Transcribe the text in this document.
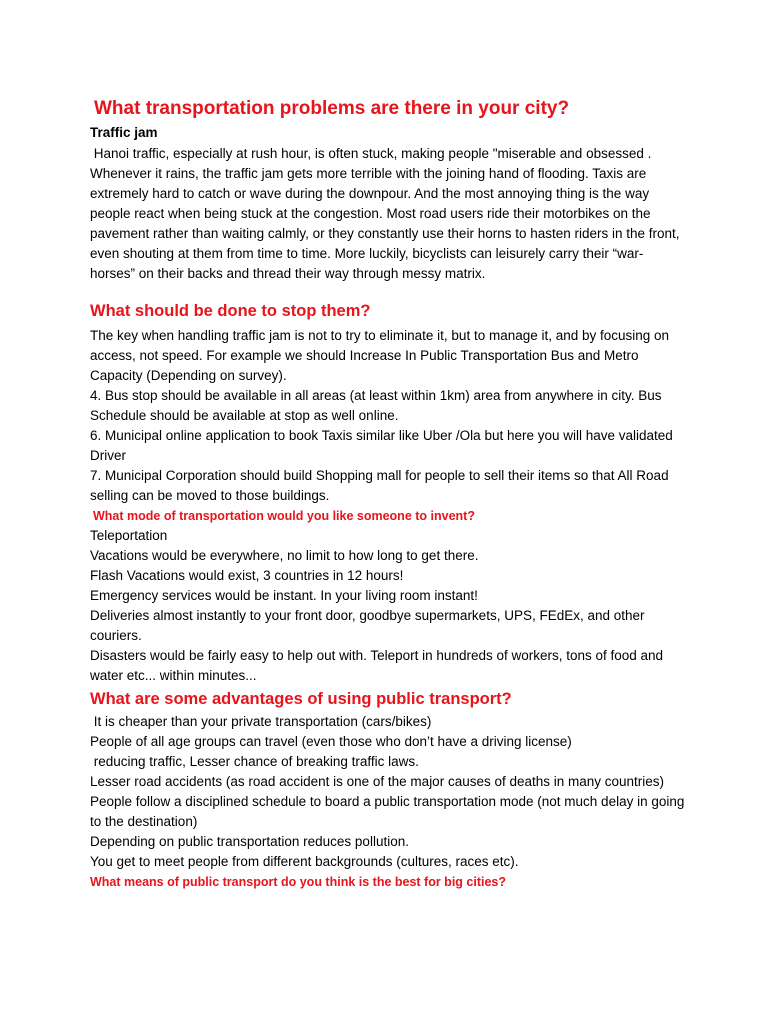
What transportation problems are there in your city?
Traffic jam

Hanoi traffic, especially at rush hour, is often stuck, making people "miserable and obsessed . Whenever it rains, the traffic jam gets more terrible with the joining hand of flooding. Taxis are extremely hard to catch or wave during the downpour. And the most annoying thing is the way people react when being stuck at the congestion. Most road users ride their motorbikes on the pavement rather than waiting calmly, or they constantly use their horns to hasten riders in the front, even shouting at them from time to time. More luckily, bicyclists can leisurely carry their “war- horses” on their backs and thread their way through messy matrix.

What should be done to stop them?

The key when handling traffic jam is not to try to eliminate it, but to manage it, and by focusing on access, not speed. For example we should Increase In Public Transportation Bus and Metro Capacity (Depending on survey).

4. Bus stop should be available in all areas (at least within 1km) area from anywhere in city. Bus Schedule should be available at stop as well online.

6. Municipal online application to book Taxis similar like Uber /Ola but here you will have validated Driver

7. Municipal Corporation should build Shopping mall for people to sell their items so that All Road selling can be moved to those buildings.

What mode of transportation would you like someone to invent?

Teleportation

Vacations would be everywhere, no limit to how long to get there.

Flash Vacations would exist, 3 countries in 12 hours!

Emergency services would be instant. In your living room instant!

Deliveries almost instantly to your front door, goodbye supermarkets, UPS, FEdEx, and other couriers.

Disasters would be fairly easy to help out with. Teleport in hundreds of workers, tons of food and water etc... within minutes...

What are some advantages of using public transport?

It is cheaper than your private transportation (cars/bikes)

People of all age groups can travel (even those who don’t have a driving license)

reducing traffic, Lesser chance of breaking traffic laws.

Lesser road accidents (as road accident is one of the major causes of deaths in many countries)

People follow a disciplined schedule to board a public transportation mode (not much delay in going to the destination)

Depending on public transportation reduces pollution.

You get to meet people from different backgrounds (cultures, races etc).

What means of public transport do you think is the best for big cities?
